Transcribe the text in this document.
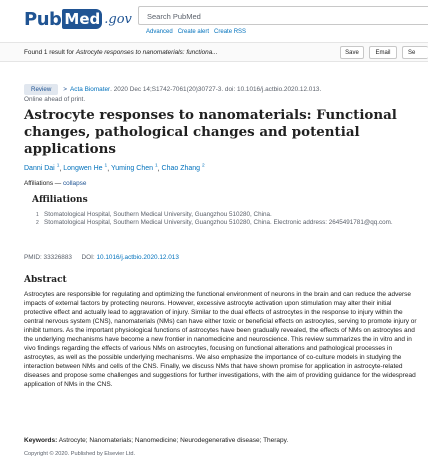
Pub Med .gov	Search PubMed
Advanced Create alert Create RSS
Found 1 result for Astrocyte responses to nanomaterials: functiona...	Save	Email	Se
Review	> Acta Biomater . 2020 Dec 14;S1742-7061(20)30727-3. doi: 10.1016/j.actbio.2020.12.013.
Online ahead of print.
Astrocyte responses to nanomaterials: Functional changes, pathological changes and potential applications
Danni Dai $^1$, Longwen He $^1$, Yuming Chen $^1$, Chao Zhang $^2$
Affiliations — collapse
Affiliations
1 Stomatological Hospital, Southern Medical University, Guangzhou 510280, China.
2 Stomatological Hospital, Southern Medical University, Guangzhou 510280, China. Electronic address: 2645491781@qq.com.
PMID: 33326883 DOI: 10.1016/j.actbio.2020.12.013
Abstract

Astrocytes are responsible for regulating and optimizing the functional environment of neurons in the brain and can reduce the adverse impacts of external factors by protecting neurons. However, excessive astrocyte activation upon stimulation may alter their initial protective effect and actually lead to aggravation of injury. Similar to the dual effects of astrocytes in the response to injury within the central nervous system (CNS), nanomaterials (NMs) can have either toxic or beneficial effects on astrocytes, serving to promote injury or inhibit tumors. As the important physiological functions of astrocytes have been gradually revealed, the effects of NMs on astrocytes and the underlying mechanisms have become a new frontier in nanomedicine and neuroscience. This review summarizes the in vitro and in vivo findings regarding the effects of various NMs on astrocytes, focusing on functional alterations and pathological processes in astrocytes, as well as the possible underlying mechanisms. We also emphasize the importance of co-culture models in studying the interaction between NMs and cells of the CNS. Finally, we discuss NMs that have shown promise for application in astrocyte-related diseases and propose some challenges and suggestions for further investigations, with the aim of providing guidance for the widespread application of NMs in the CNS.

Keywords: Astrocyte; Nanomaterials; Nanomedicine; Neurodegenerative disease; Therapy.
Copyright © 2020. Published by Elsevier Ltd.
